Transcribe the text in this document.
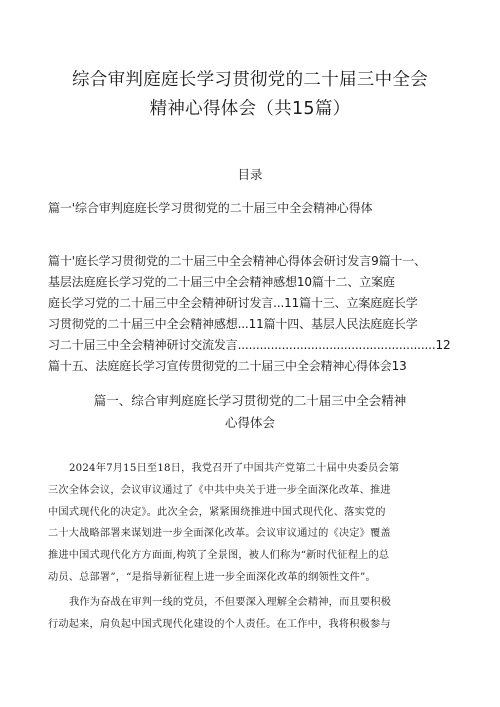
综合审判庭庭长学习贯彻党的二十届三中全会
精神心得体会（共15篇）
目录
篇一'综合审判庭庭长学习贯彻党的二十届三中全会精神心得体
篇十'庭长学习贯彻党的二十届三中全会精神心得体会研讨发言9篇十一、
基层法庭庭长学习党的二十届三中全会精神感想10篇十二、立案庭
庭长学习党的二十届三中全会精神研讨发言...11篇十三、立案庭庭长学
习贯彻党的二十届三中全会精神感想...11篇十四、基层人民法庭庭长学
习二十届三中全会精神研讨交流发言......................................................12
篇十五、法庭庭长学习宣传贯彻党的二十届三中全会精神心得体会13
篇一、综合审判庭庭长学习贯彻党的二十届三中全会精神
心得体会
2024年7月15日至18日，我党召开了中国共产党第二十届中央委员会第
三次全体会议，会议审议通过了《中共中央关于进一步全面深化改革、推进
中国式现代化的决定》。此次全会，紧紧围绕推进中国式现代化、落实党的
二十大战略部署来谋划进一步全面深化改革。会议审议通过的《决定》覆盖
推进中国式现代化方方面面,构筑了全景图，被人们称为“新时代征程上的总
动员、总部署”，“是指导新征程上进一步全面深化改革的纲领性文件”。
我作为奋战在审判一线的党员，不但要深入理解全会精神，而且要积极
行动起来，肩负起中国式现代化建设的个人责任。在工作中，我将积极参与
